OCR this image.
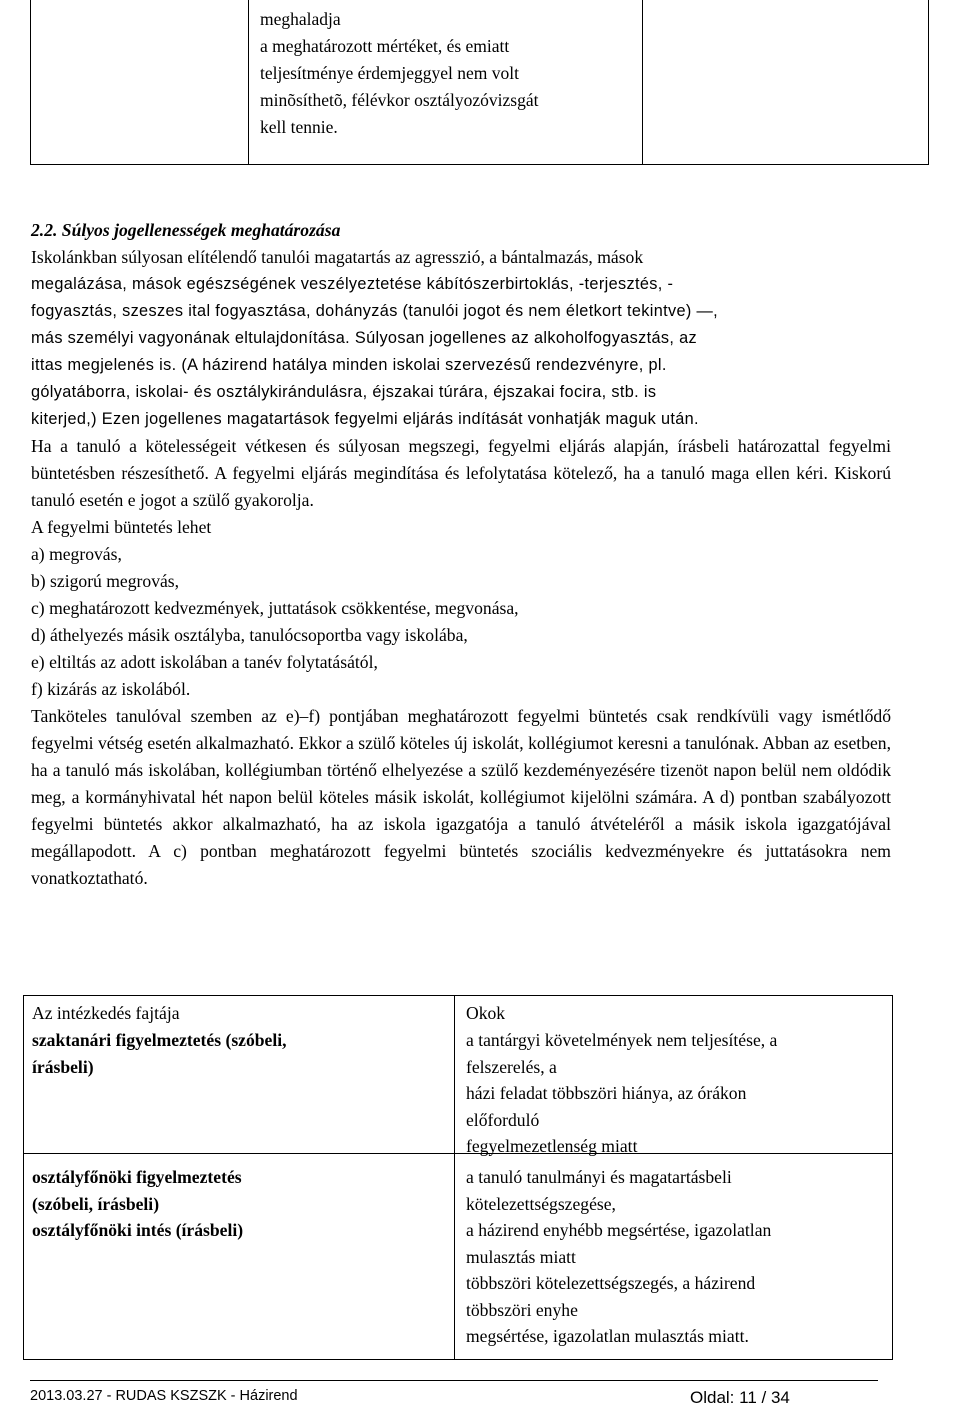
meghaladja
a meghatározott mértéket, és emiatt
teljesítménye érdemjeggyel nem volt
minõsíthetõ, félévkor osztályozóvizsgát
kell tennie.

2.2. Súlyos jogellenességek meghatározása
Iskolánkban súlyosan elítélendő tanulói magatartás az agresszió, a bántalmazás, mások
megalázása, mások egészségének veszélyeztetése kábítószerbirtoklás, -terjesztés, -
fogyasztás, szeszes ital fogyasztása, dohányzás (tanulói jogot és nem életkort tekintve) —,
más személyi vagyonának eltulajdonítása. Súlyosan jogellenes az alkoholfogyasztás, az
ittas megjelenés is. (A házirend hatálya minden iskolai szervezésű rendezvényre, pl.
gólyatáborra, iskolai- és osztálykirándulásra, éjszakai túrára, éjszakai focira, stb. is
kiterjed,) Ezen jogellenes magatartások fegyelmi eljárás indítását vonhatják maguk után.
Ha a tanuló a kötelességeit vétkesen és súlyosan megszegi, fegyelmi eljárás alapján, írásbeli határozattal fegyelmi büntetésben részesíthető. A fegyelmi eljárás megindítása és lefolytatása kötelező, ha a tanuló maga ellen kéri. Kiskorú tanuló esetén e jogot a szülő gyakorolja.
A fegyelmi büntetés lehet
a) megrovás,
b) szigorú megrovás,
c) meghatározott kedvezmények, juttatások csökkentése, megvonása,
d) áthelyezés másik osztályba, tanulócsoportba vagy iskolába,
e) eltiltás az adott iskolában a tanév folytatásától,
f) kizárás az iskolából.
Tanköteles tanulóval szemben az e)–f) pontjában meghatározott fegyelmi büntetés csak rendkívüli vagy ismétlődő fegyelmi vétség esetén alkalmazható. Ekkor a szülő köteles új iskolát, kollégiumot keresni a tanulónak. Abban az esetben, ha a tanuló más iskolában, kollégiumban történő elhelyezése a szülő kezdeményezésére tizenöt napon belül nem oldódik meg, a kormányhivatal hét napon belül köteles másik iskolát, kollégiumot kijelölni számára. A d) pontban szabályozott fegyelmi büntetés akkor alkalmazható, ha az iskola igazgatója a tanuló átvételéről a másik iskola igazgatójával megállapodott. A c) pontban meghatározott fegyelmi büntetés szociális kedvezményekre és juttatásokra nem vonatkoztatható.
Az intézkedés fajtája	Okok
szaktanári figyelmeztetés (szóbeli,
írásbeli)
a tantárgyi követelmények nem teljesítése, a
felszerelés, a
házi feladat többszöri hiánya, az órákon
előforduló
fegyelmezetlenség miatt
osztályfőnöki figyelmeztetés
(szóbeli, írásbeli)
osztályfőnöki intés (írásbeli)
a tanuló tanulmányi és magatartásbeli
kötelezettségszegése,
a házirend enyhébb megsértése, igazolatlan
mulasztás miatt
többszöri kötelezettségszegés, a házirend
többszöri enyhe
megsértése, igazolatlan mulasztás miatt.
2013.03.27 - RUDAS KSZSZK - Házirend	Oldal: 11 / 34
